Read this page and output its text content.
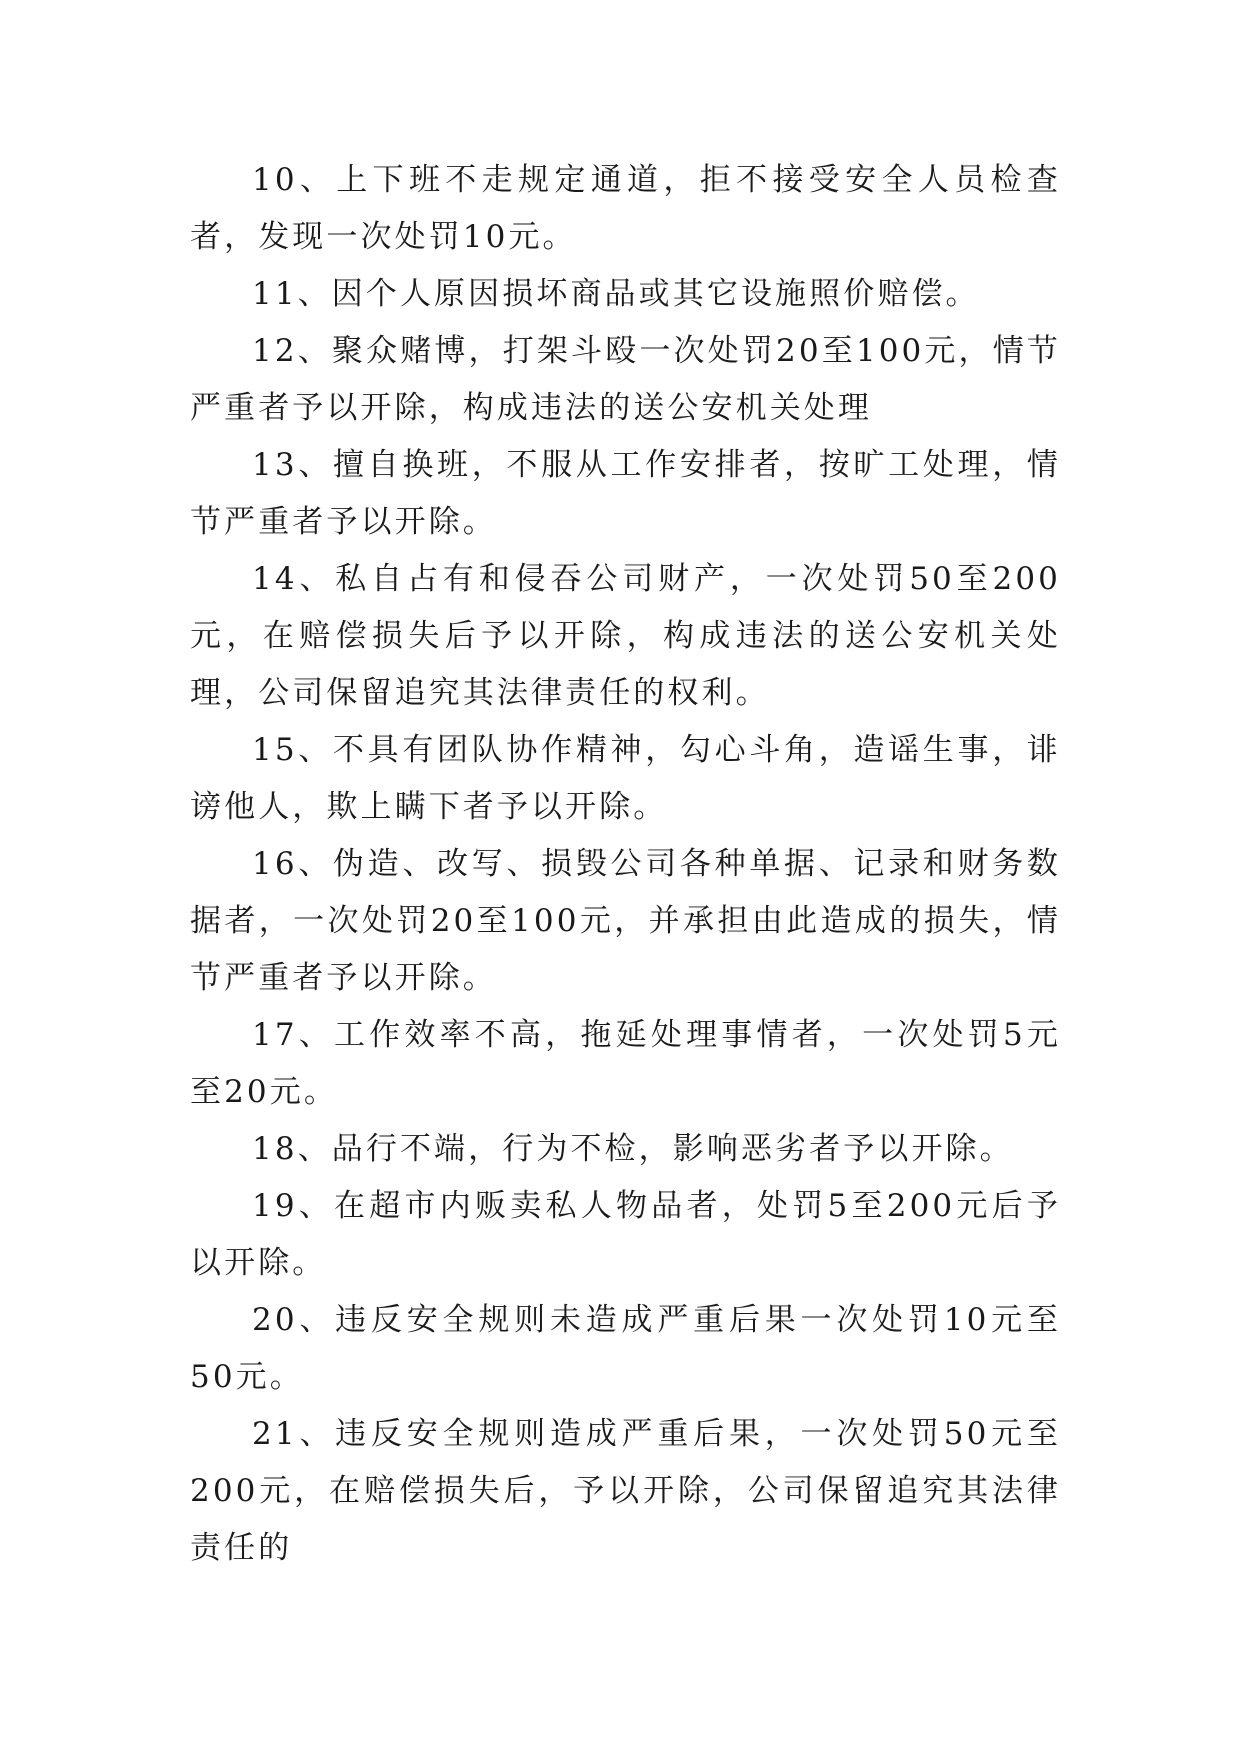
10、上下班不走规定通道，拒不接受安全人员检查者，发现一次处罚10元。

11、因个人原因损坏商品或其它设施照价赔偿。

12、聚众赌博，打架斗殴一次处罚20至100元，情节严重者予以开除，构成违法的送公安机关处理

13、擅自换班，不服从工作安排者，按旷工处理，情节严重者予以开除。

14、私自占有和侵吞公司财产，一次处罚50至200元，在赔偿损失后予以开除，构成违法的送公安机关处理，公司保留追究其法律责任的权利。

15、不具有团队协作精神，勾心斗角，造谣生事，诽谤他人，欺上瞒下者予以开除。

16、伪造、改写、损毁公司各种单据、记录和财务数据者，一次处罚20至100元，并承担由此造成的损失，情节严重者予以开除。

17、工作效率不高，拖延处理事情者，一次处罚5元至20元。

18、品行不端，行为不检，影响恶劣者予以开除。

19、在超市内贩卖私人物品者，处罚5至200元后予以开除。

20、违反安全规则未造成严重后果一次处罚10元至50元。

21、违反安全规则造成严重后果，一次处罚50元至200元，在赔偿损失后，予以开除，公司保留追究其法律责任的
